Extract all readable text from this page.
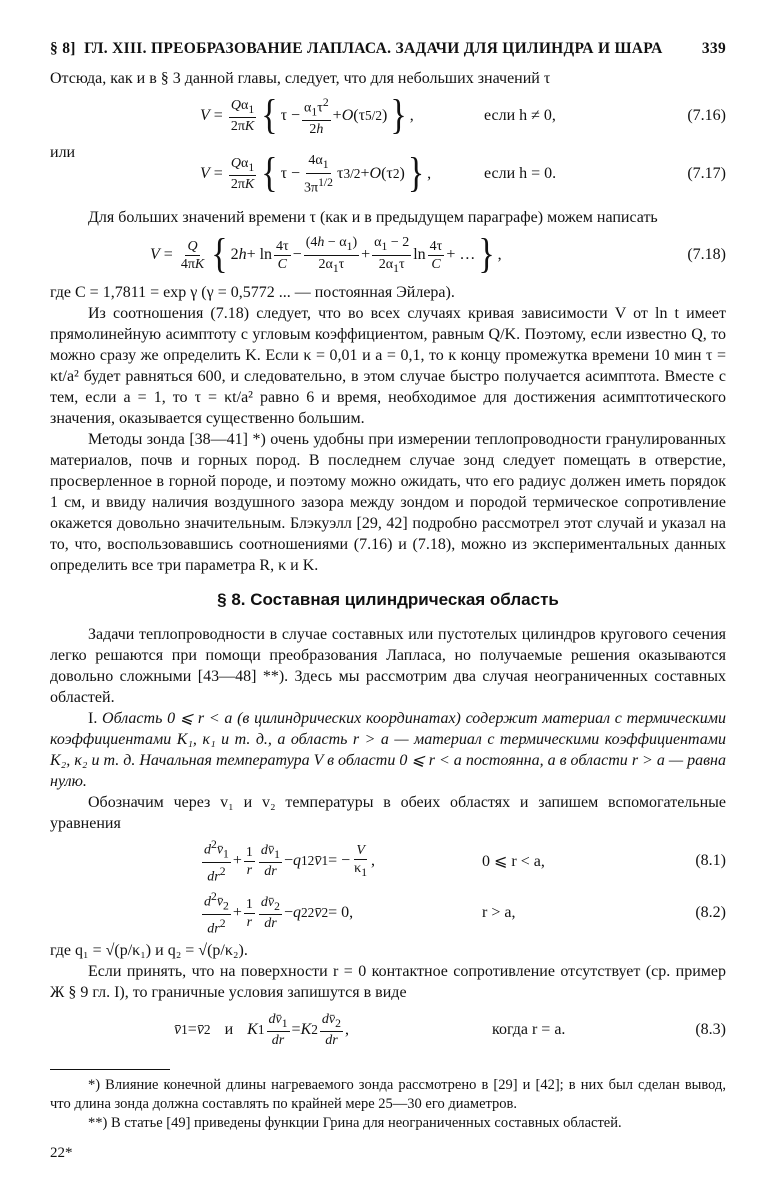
§ 8] ГЛ. XIII. ПРЕОБРАЗОВАНИЕ ЛАПЛАСА. ЗАДАЧИ ДЛЯ ЦИЛИНДРА И ШАРА	339

Отсюда, как и в § 3 данной главы, следует, что для небольших значений τ

$V = \frac{Q\alpha_1}{2\pi K}$ { $\tau - \frac{\alpha_1\tau^2}{2h} + O$ (τ 5/2 ) } ,	если h ≠ 0,	(7.16)
или
$V = \frac{Q\alpha_1}{2\pi K}$ { $\tau - \frac{4\alpha_1}{3\pi^{1/2}}$ τ 3/2 + O (τ 2 ) } ,	если h = 0.	(7.17)

Для больших значений времени τ (как и в предыдущем параграфе) можем написать

$V = \frac{Q}{4\pi K}$ { 2 $h + \ln \frac{4\tau}{C} - \frac{(4h - \alpha_1)}{2\alpha_1\tau} + \frac{\alpha_1 - 2}{2\alpha_1\tau}$ $\ln \frac{4\tau}{C}$ + … } ,	(7.18)

где C = 1,7811 = exp γ (γ = 0,5772 ... — постоянная Эйлера).

Из соотношения (7.18) следует, что во всех случаях кривая зависимости V от ln t имеет прямолинейную асимптоту с угловым коэффициентом, равным Q/K. Поэтому, если известно Q, то можно сразу же определить K. Если κ = 0,01 и a = 0,1, то к концу промежутка времени 10 мин τ = κt/a² будет равняться 600, и следовательно, в этом случае быстро получается асимптота. Вместе с тем, если a = 1, то τ = κt/a² равно 6 и время, необходимое для достижения асимптотического значения, оказывается существенно большим.

Методы зонда [38—41] *) очень удобны при измерении теплопроводности гранулированных материалов, почв и горных пород. В последнем случае зонд следует помещать в отверстие, просверленное в горной породе, и поэтому можно ожидать, что его радиус должен иметь порядок 1 см, и ввиду наличия воздушного зазора между зондом и породой термическое сопротивление окажется довольно значительным. Блэкуэлл [29, 42] подробно рассмотрел этот случай и указал на то, что, воспользовавшись соотношениями (7.16) и (7.18), можно из экспериментальных данных определить все три параметра R, κ и K.

§ 8. Составная цилиндрическая область

Задачи теплопроводности в случае составных или пустотелых цилиндров кругового сечения легко решаются при помощи преобразования Лапласа, но получаемые решения оказываются довольно сложными [43—48] **). Здесь мы рассмотрим два случая неограниченных составных областей.

I. Область 0 ⩽ r < a (в цилиндрических координатах) содержит материал с термическими коэффициентами K₁, κ₁ и т. д., а область r > a — материал с термическими коэффициентами K₂, κ₂ и т. д. Начальная температура V в области 0 ⩽ r < a постоянна, а в области r > a — равна нулю.

Обозначим через v₁ и v₂ температуры в обеих областях и запишем вспомогательные уравнения

$\frac{d^2v̄_1}{dr^2} + \frac{1}{r} \frac{dv̄_1}{dr} - q$ 1 2 v̄ 1 = − $\frac{V}{\kappa_1}$ ,	0 ⩽ r < a,	(8.1)
$\frac{d^2v̄_2}{dr^2} + \frac{1}{r} \frac{dv̄_2}{dr} - q$ 2 2 v̄ 2 = 0,	r > a,	(8.2)

где q₁ = √(p/κ₁) и q₂ = √(p/κ₂).

Если принять, что на поверхности r = 0 контактное сопротивление отсутствует (ср. пример Ж § 9 гл. I), то граничные условия запишутся в виде

v̄ 1 = v̄ 2
и
K $1 \frac{dv̄_1}{dr} = K$ $2 \frac{dv̄_2}{dr}$ ,	когда r = a.	(8.3)

*) Влияние конечной длины нагреваемого зонда рассмотрено в [29] и [42]; в них был сделан вывод, что длина зонда должна составлять по крайней мере 25—30 его диаметров.

**) В статье [49] приведены функции Грина для неограниченных составных областей.

22*
